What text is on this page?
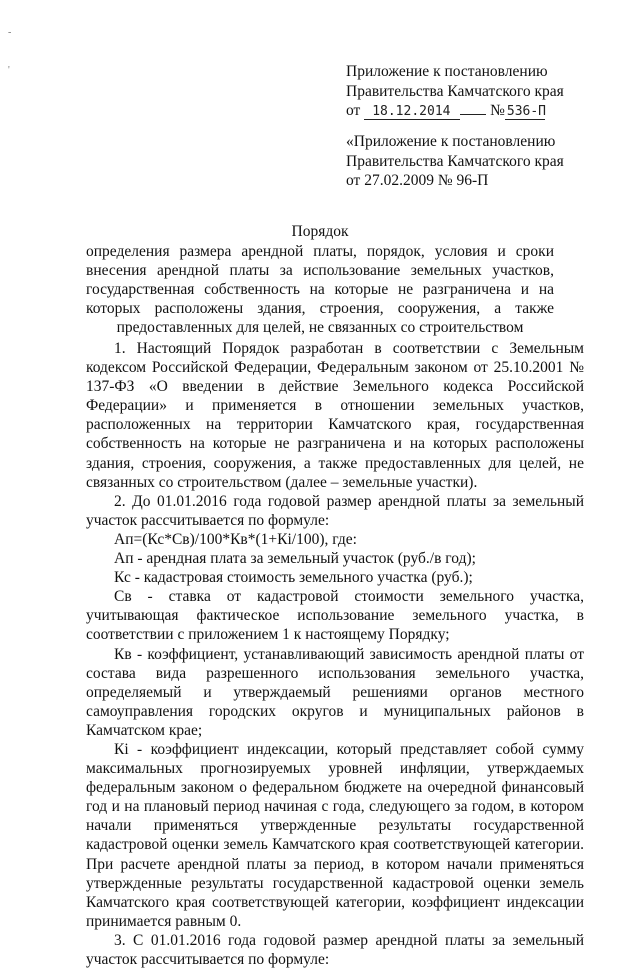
-
'	Приложение к постановлению
Правительства Камчатского края
от 18.12.2014	№ 536-П
«Приложение к постановлению
Правительства Камчатского края
от 27.02.2009 № 96-П
Порядок
определения размера арендной платы, порядок, условия и сроки внесения арендной платы за использование земельных участков, государственная собственность на которые не разграничена и на которых расположены здания, строения, сооружения, а также предоставленных для целей, не связанных со строительством

1. Настоящий Порядок разработан в соответствии с Земельным кодексом Российской Федерации, Федеральным законом от 25.10.2001 № 137-ФЗ «О введении в действие Земельного кодекса Российской Федерации» и применяется в отношении земельных участков, расположенных на территории Камчатского края, государственная собственность на которые не разграничена и на которых расположены здания, строения, сооружения, а также предоставленных для целей, не связанных со строительством (далее – земельные участки).

2. До 01.01.2016 года годовой размер арендной платы за земельный участок рассчитывается по формуле:

Ап=(Кс*Св)/100*Кв*(1+Кi/100), где:

Ап - арендная плата за земельный участок (руб./в год);

Кс - кадастровая стоимость земельного участка (руб.);

Св - ставка от кадастровой стоимости земельного участка, учитывающая фактическое использование земельного участка, в соответствии с приложением 1 к настоящему Порядку;

Кв - коэффициент, устанавливающий зависимость арендной платы от состава вида разрешенного использования земельного участка, определяемый и утверждаемый решениями органов местного самоуправления городских округов и муниципальных районов в Камчатском крае;

Кi - коэффициент индексации, который представляет собой сумму максимальных прогнозируемых уровней инфляции, утверждаемых федеральным законом о федеральном бюджете на очередной финансовый год и на плановый период начиная с года, следующего за годом, в котором начали применяться утвержденные результаты государственной кадастровой оценки земель Камчатского края соответствующей категории. При расчете арендной платы за период, в котором начали применяться утвержденные результаты государственной кадастровой оценки земель Камчатского края соответствующей категории, коэффициент индексации принимается равным 0.

3. С 01.01.2016 года годовой размер арендной платы за земельный участок рассчитывается по формуле:
